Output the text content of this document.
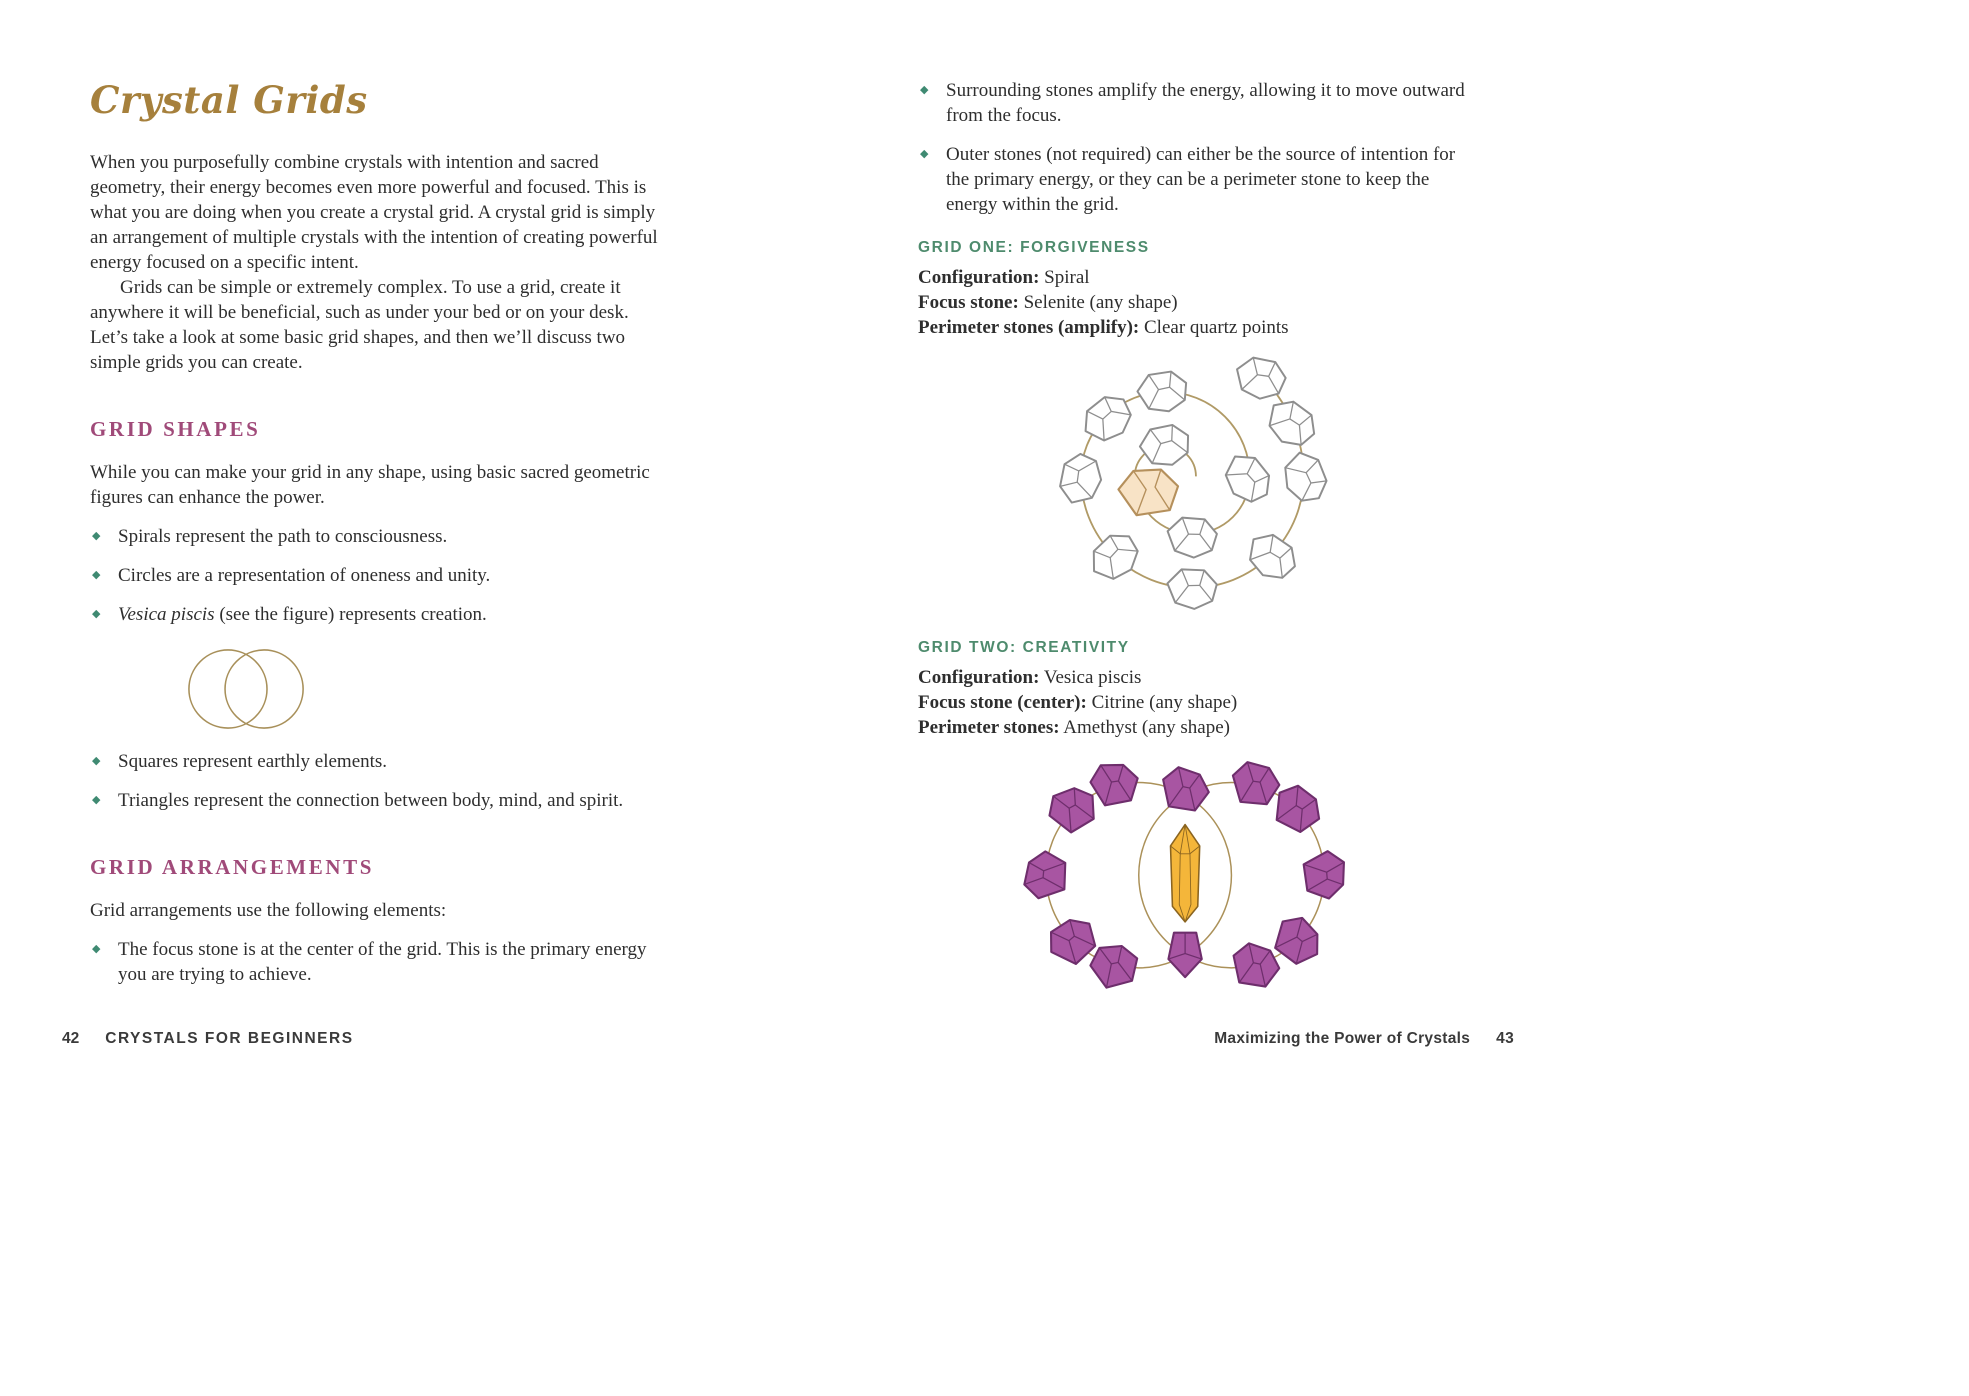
Crystal Grids

When you purposefully combine crystals with intention and sacred geometry, their energy becomes even more powerful and focused. This is what you are doing when you create a crystal grid. A crystal grid is simply an arrangement of multiple crystals with the intention of creating powerful energy focused on a specific intent.

Grids can be simple or extremely complex. To use a grid, create it anywhere it will be beneficial, such as under your bed or on your desk. Let’s take a look at some basic grid shapes, and then we’ll discuss two simple grids you can create.

GRID SHAPES

While you can make your grid in any shape, using basic sacred geometric figures can enhance the power.

◆ Spirals represent the path to consciousness.
◆ Circles are a representation of oneness and unity.
◆ Vesica piscis (see the figure) represents creation.
◆ Squares represent earthly elements.
◆ Triangles represent the connection between body, mind, and spirit.
GRID ARRANGEMENTS

Grid arrangements use the following elements:

◆ The focus stone is at the center of the grid. This is the primary energy you are trying to achieve.
◆ Surrounding stones amplify the energy, allowing it to move outward from the focus.
◆ Outer stones (not required) can either be the source of intention for the primary energy, or they can be a perimeter stone to keep the energy within the grid.
GRID ONE: FORGIVENESS

Configuration: Spiral

Focus stone: Selenite (any shape)

Perimeter stones (amplify): Clear quartz points

GRID TWO: CREATIVITY

Configuration: Vesica piscis

Focus stone (center): Citrine (any shape)

Perimeter stones: Amethyst (any shape)

42 CRYSTALS FOR BEGINNERS	Maximizing the Power of Crystals 43
